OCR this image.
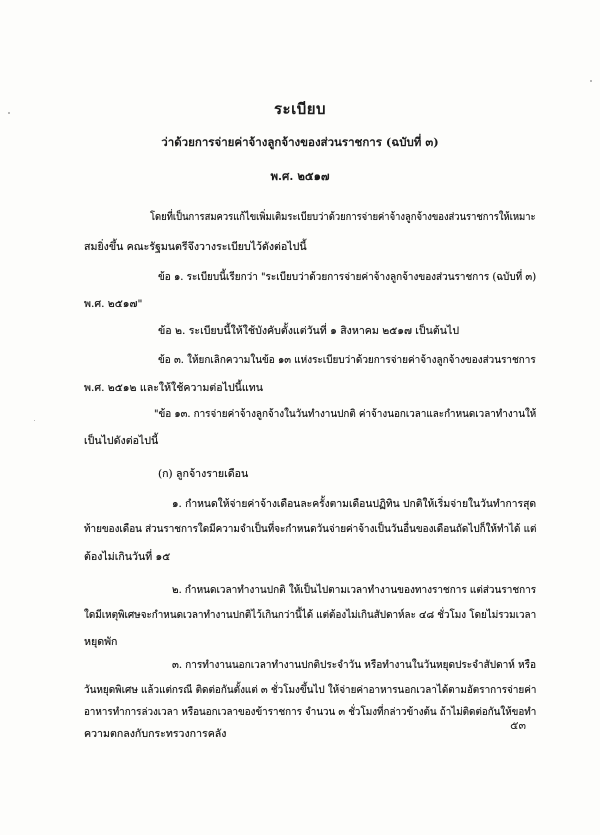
ระเบียบ
ว่าด้วยการจ่ายค่าจ้างลูกจ้างของส่วนราชการ (ฉบับที่ ๓)
พ.ศ. ๒๕๑๗
โดยที่เป็นการสมควรแก้ไขเพิ่มเติมระเบียบว่าด้วยการจ่ายค่าจ้างลูกจ้างของส่วนราชการให้เหมาะ
สมยิ่งขึ้น คณะรัฐมนตรีจึงวางระเบียบไว้ดังต่อไปนี้
ข้อ ๑. ระเบียบนี้เรียกว่า "ระเบียบว่าด้วยการจ่ายค่าจ้างลูกจ้างของส่วนราชการ (ฉบับที่ ๓)
พ.ศ. ๒๕๑๗"
ข้อ ๒. ระเบียบนี้ให้ใช้บังคับตั้งแต่วันที่ ๑ สิงหาคม ๒๕๑๗ เป็นต้นไป
ข้อ ๓. ให้ยกเลิกความในข้อ ๑๓ แห่งระเบียบว่าด้วยการจ่ายค่าจ้างลูกจ้างของส่วนราชการ
พ.ศ. ๒๕๑๒ และให้ใช้ความต่อไปนี้แทน
"ข้อ ๑๓. การจ่ายค่าจ้างลูกจ้างในวันทำงานปกติ ค่าจ้างนอกเวลาและกำหนดเวลาทำงานให้
เป็นไปดังต่อไปนี้
(ก) ลูกจ้างรายเดือน
๑. กำหนดให้จ่ายค่าจ้างเดือนละครั้งตามเดือนปฏิทิน ปกติให้เริ่มจ่ายในวันทำการสุด
ท้ายของเดือน ส่วนราชการใดมีความจำเป็นที่จะกำหนดวันจ่ายค่าจ้างเป็นวันอื่นของเดือนถัดไปก็ให้ทำได้ แต่
ต้องไม่เกินวันที่ ๑๕
๒. กำหนดเวลาทำงานปกติ ให้เป็นไปตามเวลาทำงานของทางราชการ แต่ส่วนราชการ
ใดมีเหตุพิเศษจะกำหนดเวลาทำงานปกติไว้เกินกว่านี้ได้ แต่ต้องไม่เกินสัปดาห์ละ ๔๘ ชั่วโมง โดยไม่รวมเวลา
หยุดพัก
๓. การทำงานนอกเวลาทำงานปกติประจำวัน หรือทำงานในวันหยุดประจำสัปดาห์ หรือ
วันหยุดพิเศษ แล้วแต่กรณี ติดต่อกันตั้งแต่ ๓ ชั่วโมงขึ้นไป ให้จ่ายค่าอาหารนอกเวลาได้ตามอัตราการจ่ายค่า
อาหารทำการล่วงเวลา หรือนอกเวลาของข้าราชการ จำนวน ๓ ชั่วโมงที่กล่าวข้างต้น ถ้าไม่ติดต่อกันให้ขอทำ
ความตกลงกับกระทรวงการคลัง
๕๓
